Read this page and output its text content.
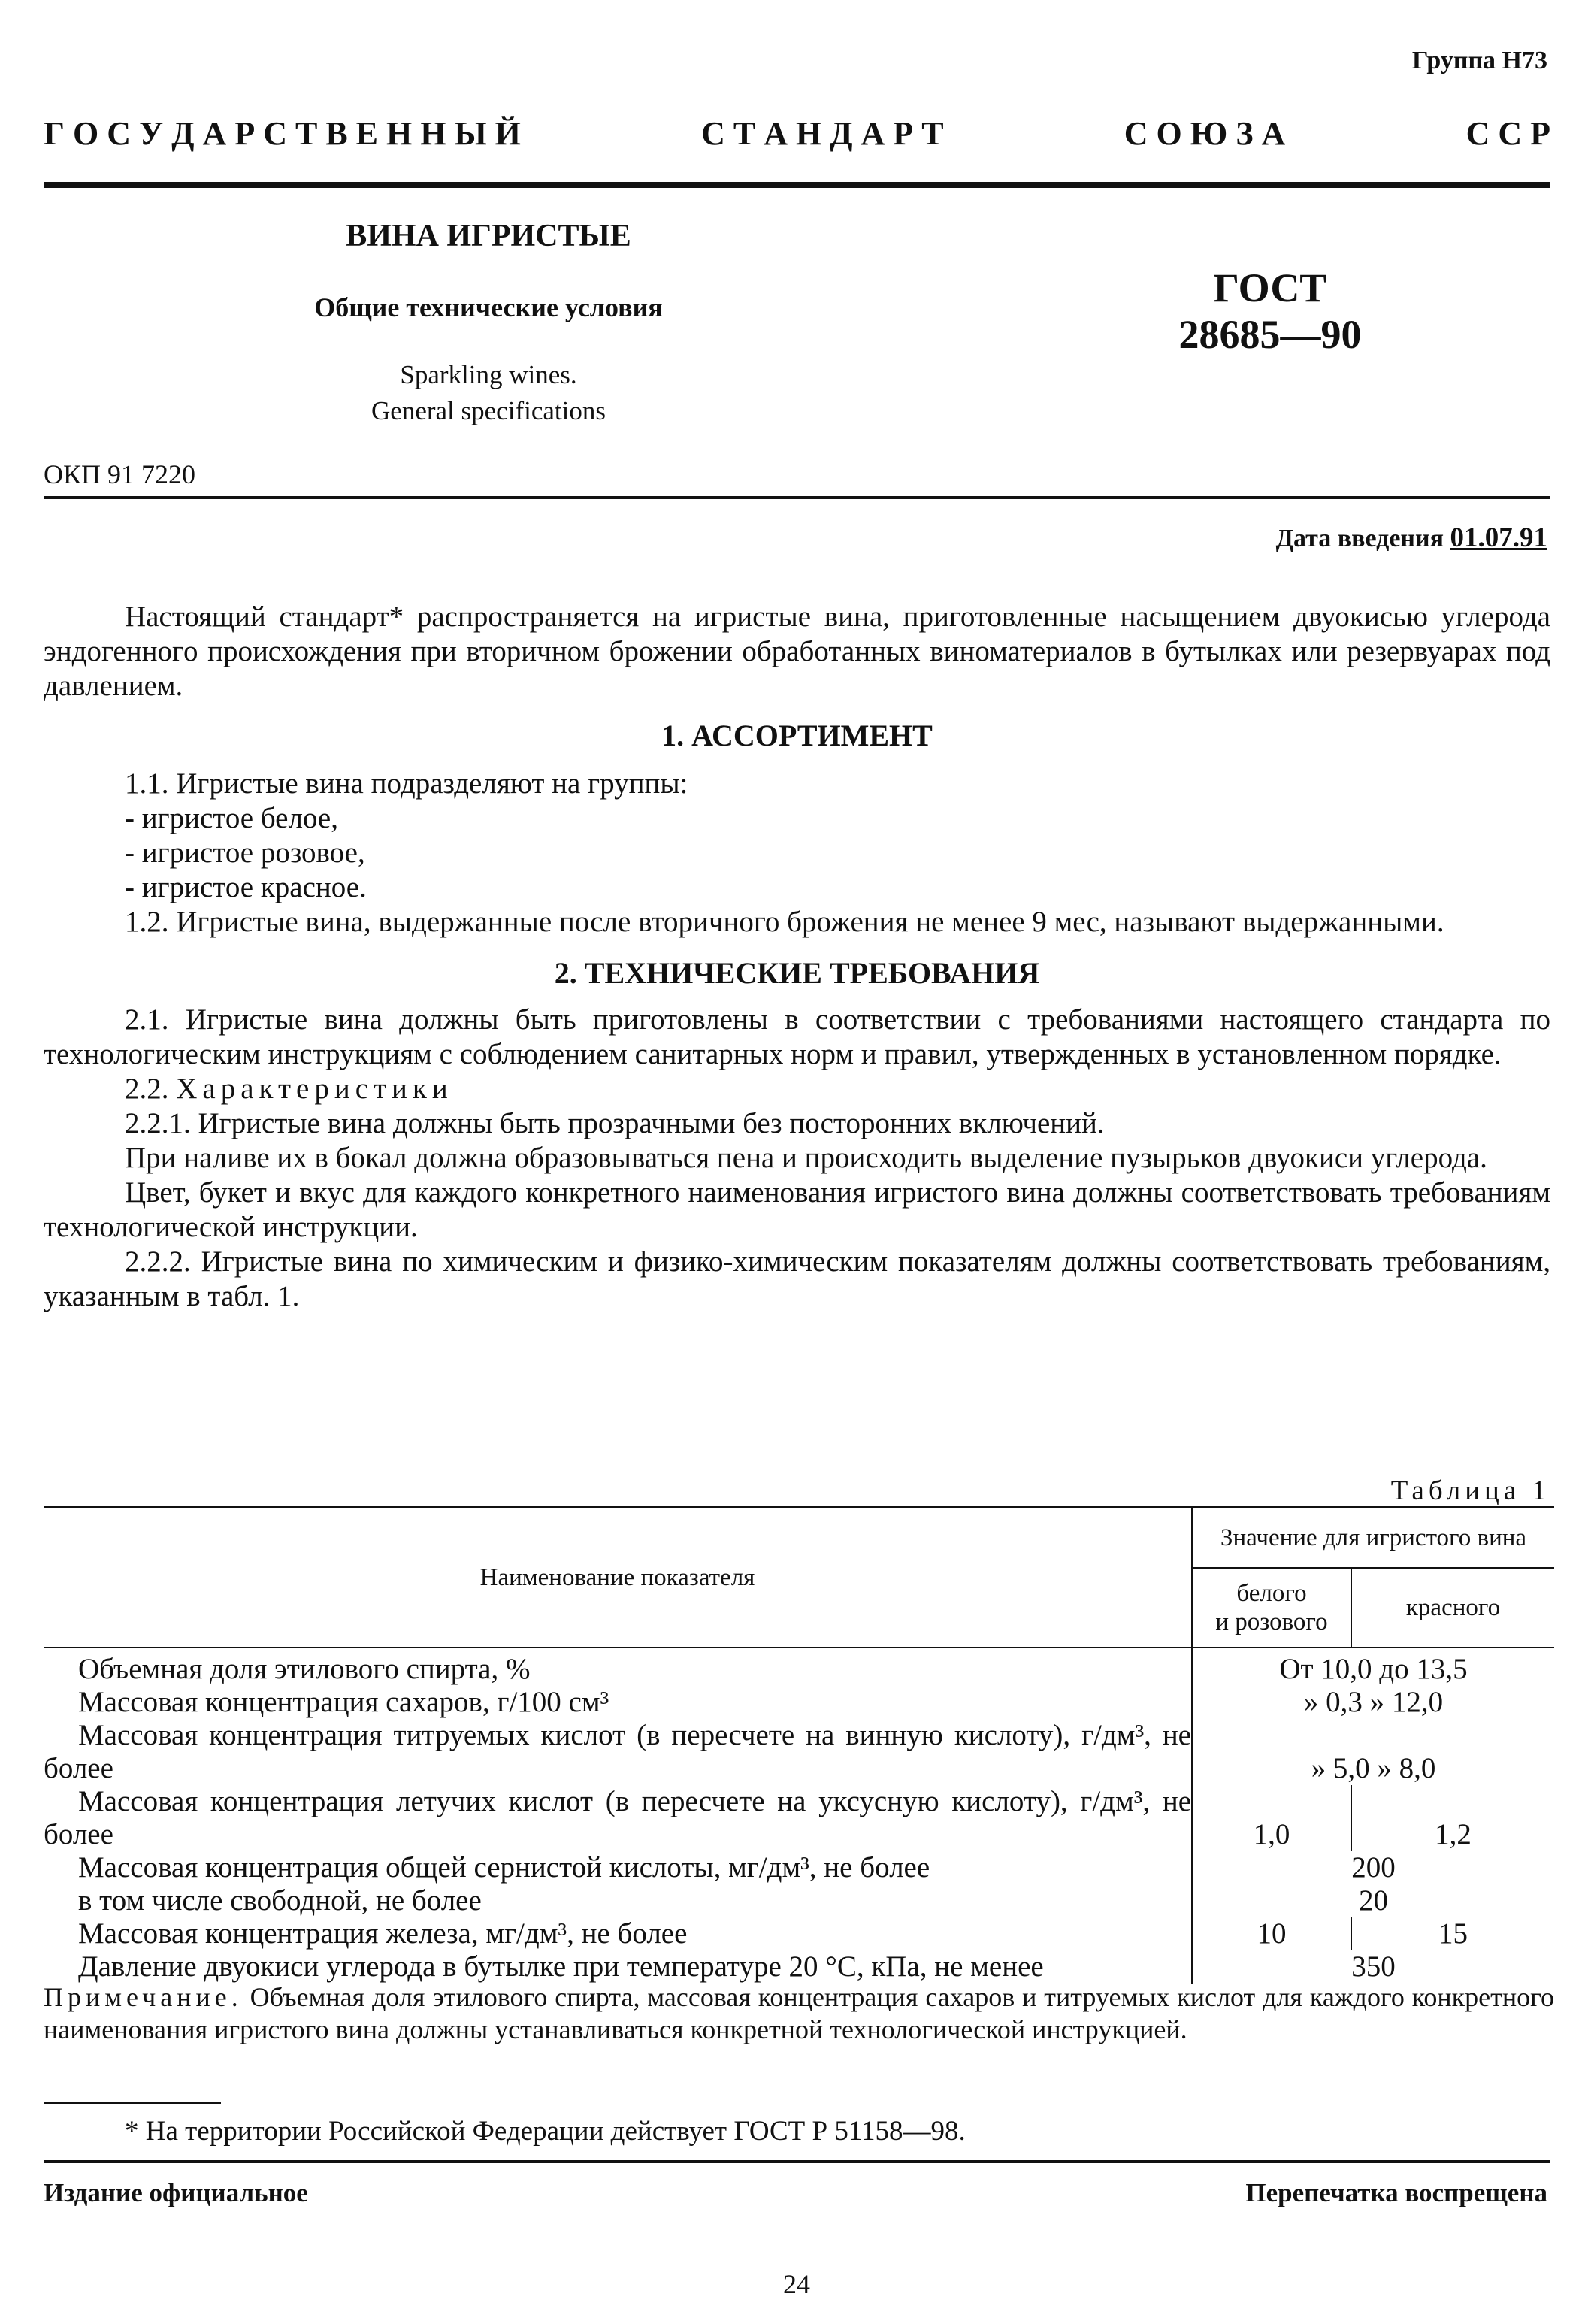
Группа Н73
Г О С У Д А Р С Т В Е Н Н Ы Й	С Т А Н Д А Р Т	С О Ю З А	С С Р
ВИНА ИГРИСТЫЕ
Общие технические условия
Sparkling wines.
General specifications
ГОСТ
28685—90
ОКП 91 7220
Дата введения 01.07.91

Настоящий стандарт* распространяется на игристые вина, приготовленные насыщением двуокисью углерода эндогенного происхождения при вторичном брожении обработанных виноматериалов в бутылках или резервуарах под давлением.

1. АССОРТИМЕНТ

1.1. Игристые вина подразделяют на группы:

- игристое белое,

- игристое розовое,

- игристое красное.

1.2. Игристые вина, выдержанные после вторичного брожения не менее 9 мес, называют выдержанными.

2. ТЕХНИЧЕСКИЕ ТРЕБОВАНИЯ

2.1. Игристые вина должны быть приготовлены в соответствии с требованиями настоящего стандарта по технологическим инструкциям с соблюдением санитарных норм и правил, утвержденных в установленном порядке.

2.2. Характеристики

2.2.1. Игристые вина должны быть прозрачными без посторонних включений.

При наливе их в бокал должна образовываться пена и происходить выделение пузырьков двуокиси углерода.

Цвет, букет и вкус для каждого конкретного наименования игристого вина должны соответствовать требованиям технологической инструкции.

2.2.2. Игристые вина по химическим и физико-химическим показателям должны соответствовать требованиям, указанным в табл. 1.

Таблица 1
Наименование показателя	Значение для игристого вина	

	белого
и розового	красного
Объемная доля этилового спирта, %	От 10,0 до 13,5	
Массовая концентрация сахаров, г/100 см³	» 0,3 » 12,0	
Массовая концентрация титруемых кислот (в пересчете на винную кислоту), г/дм³, не более	» 5,0 » 8,0	
Массовая концентрация летучих кислот (в пересчете на уксусную кислоту), г/дм³, не более	1,0	1,2
Массовая концентрация общей сернистой кислоты, мг/дм³, не более	200	
в том числе свободной, не более	20	
Массовая концентрация железа, мг/дм³, не более	10	15
Давление двуокиси углерода в бутылке при температуре 20 °С, кПа, не менее	350	
Примечание. Объемная доля этилового спирта, массовая концентрация сахаров и титруемых кислот для каждого конкретного наименования игристого вина должны устанавливаться конкретной технологической инструкцией.
* На территории Российской Федерации действует ГОСТ Р 51158—98.
Издание официальное	Перепечатка воспрещена
24
